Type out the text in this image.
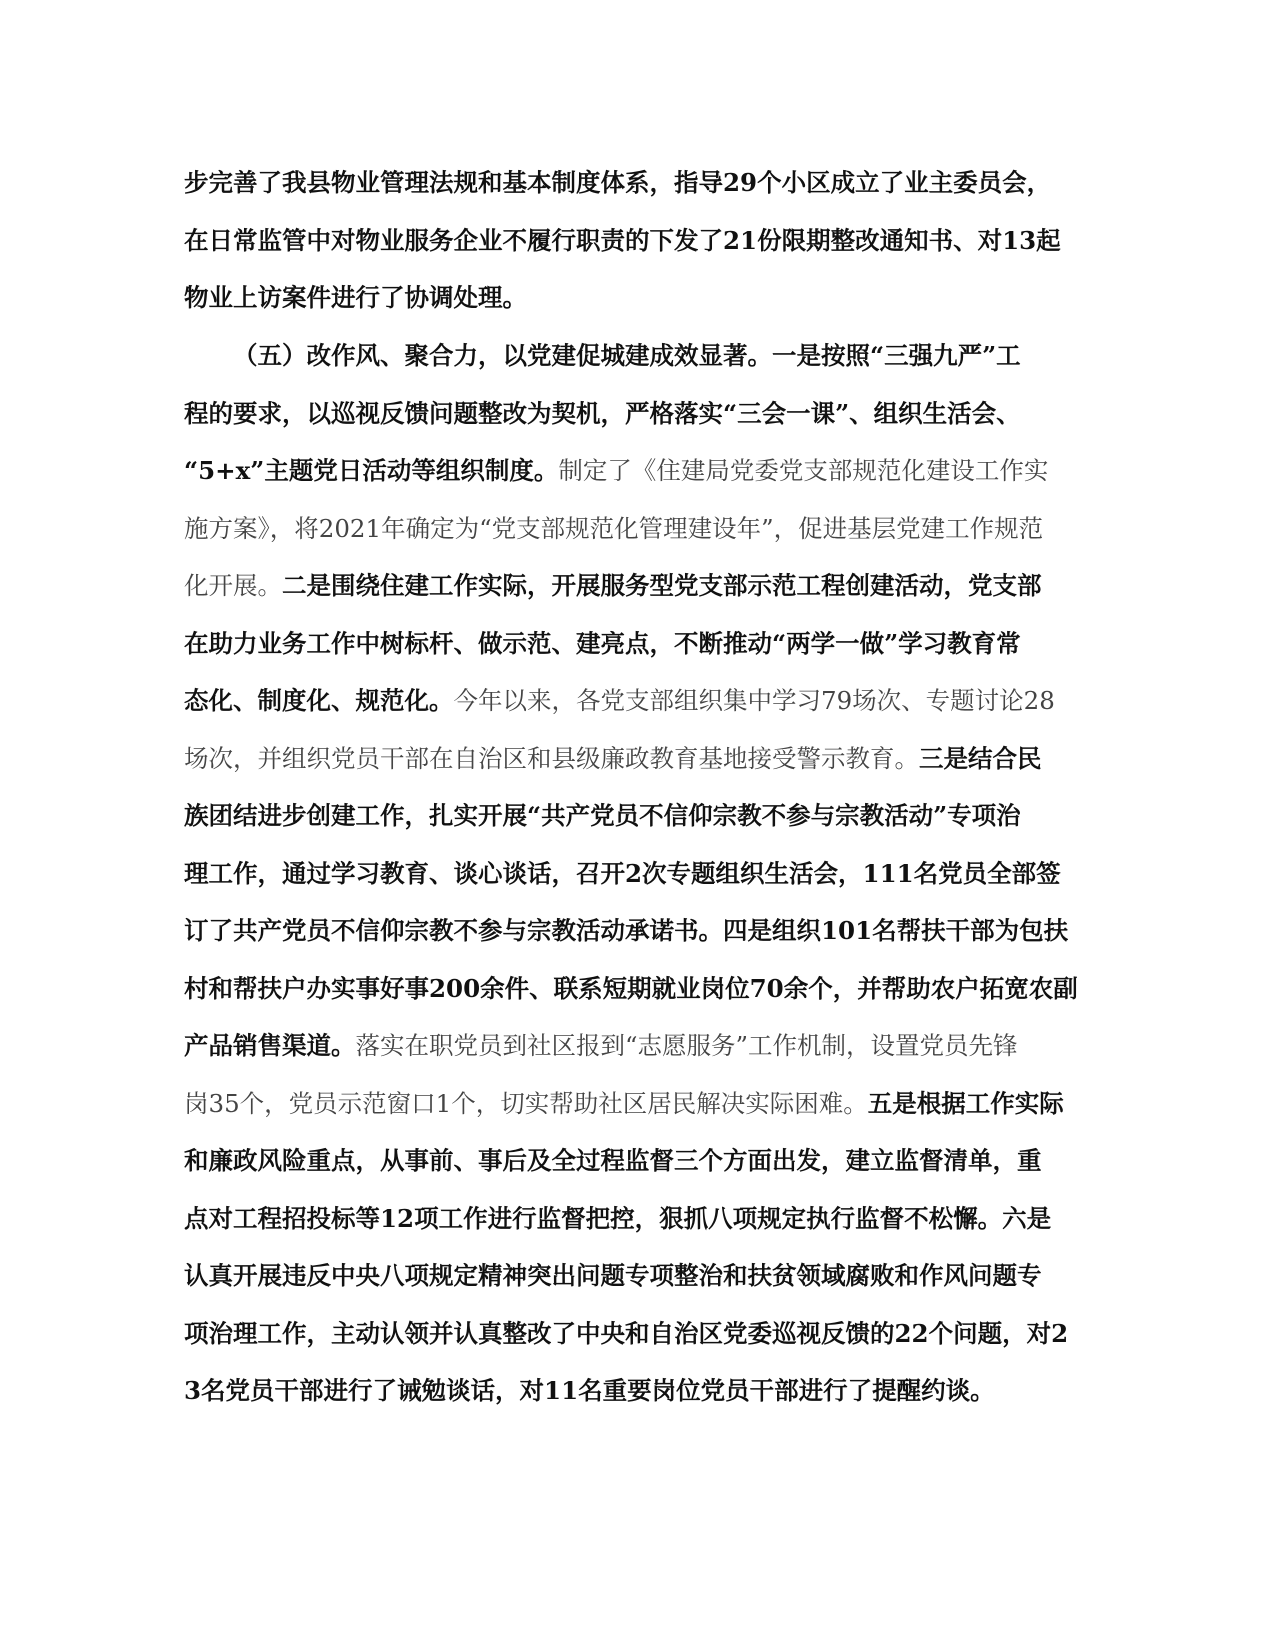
步完善了我县物业管理法规和基本制度体系，指导29个小区成立了业主委员会，
在日常监管中对物业服务企业不履行职责的下发了21份限期整改通知书、对13起
物业上访案件进行了协调处理。
（五）改作风、聚合力，以党建促城建成效显著。一是按照“三强九严”工
程的要求，以巡视反馈问题整改为契机，严格落实“三会一课”、组织生活会、
“5+x”主题党日活动等组织制度。制定了《住建局党委党支部规范化建设工作实
施方案》，将2021年确定为“党支部规范化管理建设年”，促进基层党建工作规范
化开展。二是围绕住建工作实际，开展服务型党支部示范工程创建活动，党支部
在助力业务工作中树标杆、做示范、建亮点，不断推动“两学一做”学习教育常
态化、制度化、规范化。今年以来，各党支部组织集中学习79场次、专题讨论28
场次，并组织党员干部在自治区和县级廉政教育基地接受警示教育。三是结合民
族团结进步创建工作，扎实开展“共产党员不信仰宗教不参与宗教活动”专项治
理工作，通过学习教育、谈心谈话，召开2次专题组织生活会，111名党员全部签
订了共产党员不信仰宗教不参与宗教活动承诺书。四是组织101名帮扶干部为包扶
村和帮扶户办实事好事200余件、联系短期就业岗位70余个，并帮助农户拓宽农副
产品销售渠道。落实在职党员到社区报到“志愿服务”工作机制，设置党员先锋
岗35个，党员示范窗口1个，切实帮助社区居民解决实际困难。五是根据工作实际
和廉政风险重点，从事前、事后及全过程监督三个方面出发，建立监督清单，重
点对工程招投标等12项工作进行监督把控，狠抓八项规定执行监督不松懈。六是
认真开展违反中央八项规定精神突出问题专项整治和扶贫领域腐败和作风问题专
项治理工作，主动认领并认真整改了中央和自治区党委巡视反馈的22个问题，对2
3名党员干部进行了诫勉谈话，对11名重要岗位党员干部进行了提醒约谈。
